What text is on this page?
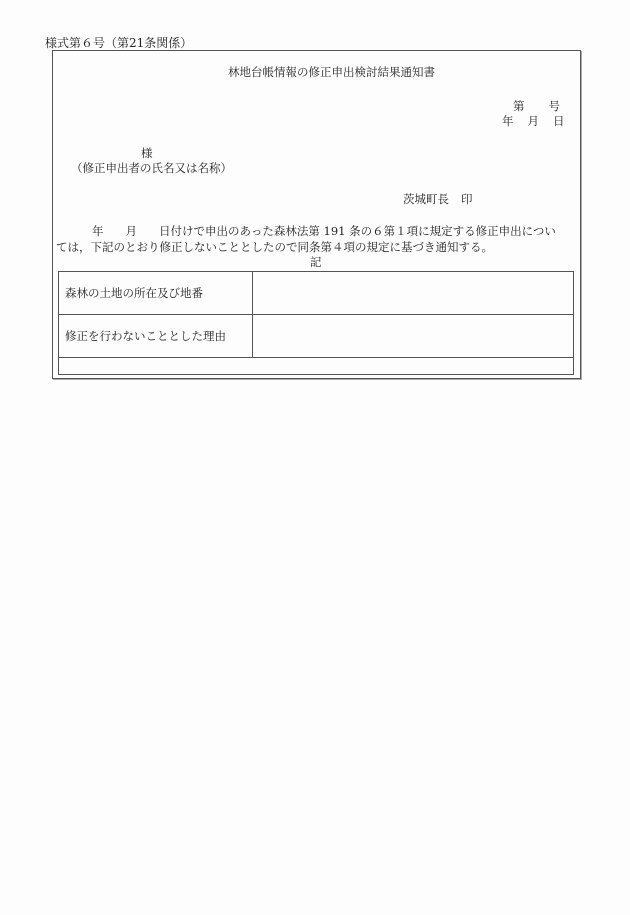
様式第６号（第21条関係）
林地台帳情報の修正申出検討結果通知書
第 号
年 月 日
様
（修正申出者の氏名又は名称）
茨城町長 印
年 月 日付けで申出のあった森林法第 191 条の６第１項に規定する修正申出につい
ては，下記のとおり修正しないこととしたので同条第４項の規定に基づき通知する。
記
森林の土地の所在及び地番	
修正を行わないこととした理由	
